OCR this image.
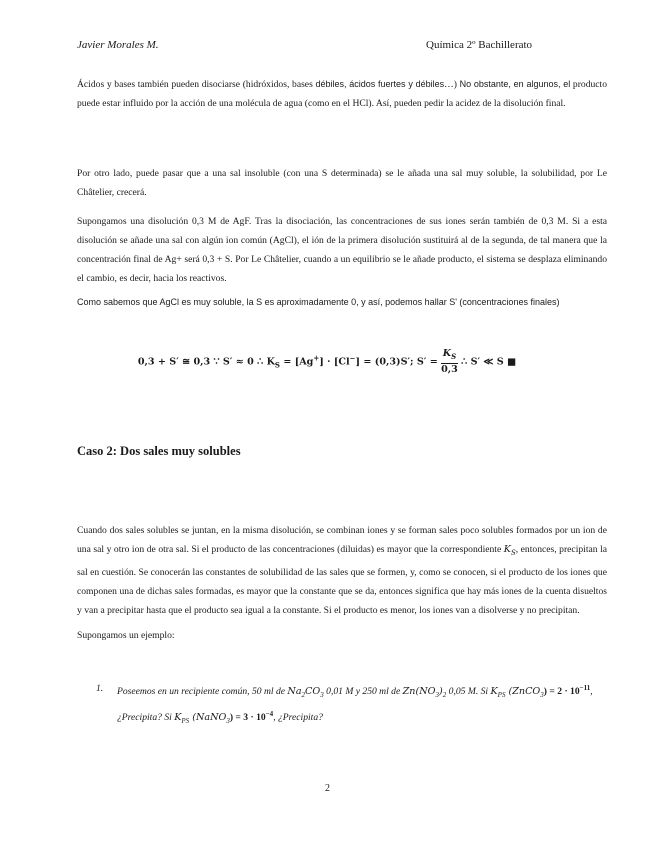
Javier Morales M.	Química 2º Bachillerato
Ácidos y bases también pueden disociarse (hidróxidos, bases débiles, ácidos fuertes y débiles…) No obstante, en algunos, el producto puede estar influido por la acción de una molécula de agua (como en el HCl). Así, pueden pedir la acidez de la disolución final.
Por otro lado, puede pasar que a una sal insoluble (con una S determinada) se le añada una sal muy soluble, la solubilidad, por Le Châtelier, crecerá.
Supongamos una disolución 0,3 M de AgF. Tras la disociación, las concentraciones de sus iones serán también de 0,3 M. Si a esta disolución se añade una sal con algún ion común (AgCl), el ión de la primera disolución sustituirá al de la segunda, de tal manera que la concentración final de Ag+ será 0,3 + S. Por Le Châtelier, cuando a un equilibrio se le añade producto, el sistema se desplaza eliminando el cambio, es decir, hacia los reactivos.
Como sabemos que AgCl es muy soluble, la S es aproximadamente 0, y así, podemos hallar S' (concentraciones finales)
0,3 + S′ ≅ 0,3 ∵ S′ ≈ 0 ∴ $K_S = [Ag^+] \cdot [Cl^-] = (0,3)S'$; $S' = \frac{K_S}{0,3}$ ∴ S′ ≪ S ■
Caso 2: Dos sales muy solubles
Cuando dos sales solubles se juntan, en la misma disolución, se combinan iones y se forman sales poco solubles formados por un ion de una sal y otro ion de otra sal. Si el producto de las concentraciones (diluidas) es mayor que la correspondiente $K_S$, entonces, precipitan la sal en cuestión. Se conocerán las constantes de solubilidad de las sales que se formen, y, como se conocen, si el producto de los iones que componen una de dichas sales formadas, es mayor que la constante que se da, entonces significa que hay más iones de la cuenta disueltos y van a precipitar hasta que el producto sea igual a la constante. Si el producto es menor, los iones van a disolverse y no precipitan.
Supongamos un ejemplo:
1. Poseemos en un recipiente común, 50 ml de $Na_2CO_3$ 0,01 M y 250 ml de $Zn(NO_3)_2$ 0,05 M. Si $K_{PS}$ (ZnCO$_3$) = $2 \cdot 10^{-11}$, ¿Precipita? Si $K_{PS}$ (NaNO$_3$) = $3 \cdot 10^{-4}$, ¿Precipita?
2
